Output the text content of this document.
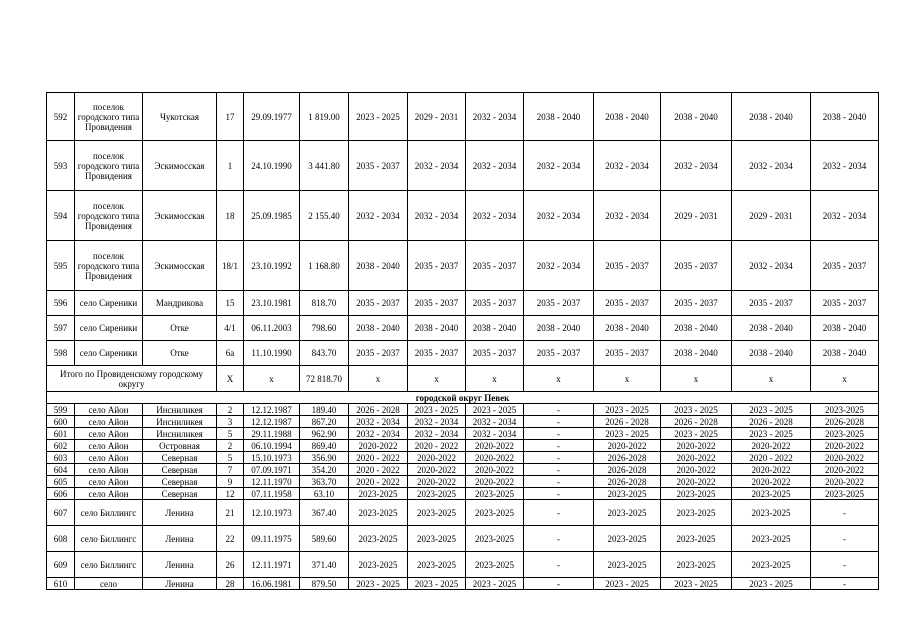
592	поселок городского типа Провидения	Чукотская	17	29.09.1977	1 819.00	2023 - 2025	2029 - 2031	2032 - 2034	2038 - 2040	2038 - 2040	2038 - 2040	2038 - 2040	2038 - 2040
593	поселок городского типа Провидения	Эскимосская	1	24.10.1990	3 441.80	2035 - 2037	2032 - 2034	2032 - 2034	2032 - 2034	2032 - 2034	2032 - 2034	2032 - 2034	2032 - 2034
594	поселок городского типа Провидения	Эскимосская	18	25.09.1985	2 155.40	2032 - 2034	2032 - 2034	2032 - 2034	2032 - 2034	2032 - 2034	2029 - 2031	2029 - 2031	2032 - 2034
595	поселок городского типа Провидения	Эскимосская	18/1	23.10.1992	1 168.80	2038 - 2040	2035 - 2037	2035 - 2037	2032 - 2034	2035 - 2037	2035 - 2037	2032 - 2034	2035 - 2037
596	село Сиреники	Мандрикова	15	23.10.1981	818.70	2035 - 2037	2035 - 2037	2035 - 2037	2035 - 2037	2035 - 2037	2035 - 2037	2035 - 2037	2035 - 2037
597	село Сиреники	Отке	4/1	06.11.2003	798.60	2038 - 2040	2038 - 2040	2038 - 2040	2038 - 2040	2038 - 2040	2038 - 2040	2038 - 2040	2038 - 2040
598	село Сиреники	Отке	6а	11.10.1990	843.70	2035 - 2037	2035 - 2037	2035 - 2037	2035 - 2037	2035 - 2037	2038 - 2040	2038 - 2040	2038 - 2040
Итого по Провиденскому городскому округу			X	x	72 818.70	x	x	x	x	x	x	x	x
городской округ Певек													
599	село Айон	Инсниликея	2	12.12.1987	189.40	2026 - 2028	2023 - 2025	2023 - 2025	-	2023 - 2025	2023 - 2025	2023 - 2025	2023-2025
600	село Айон	Инсниликея	3	12.12.1987	867.20	2032 - 2034	2032 - 2034	2032 - 2034	-	2026 - 2028	2026 - 2028	2026 - 2028	2026-2028
601	село Айон	Инсниликея	5	29.11.1988	962.90	2032 - 2034	2032 - 2034	2032 - 2034	-	2023 - 2025	2023 - 2025	2023 - 2025	2023-2025
602	село Айон	Островная	2	06.10.1994	869.40	2020-2022	2020 - 2022	2020-2022	-	2020-2022	2020-2022	2020-2022	2020-2022
603	село Айон	Северная	5	15.10.1973	356.90	2020 - 2022	2020-2022	2020-2022	-	2026-2028	2020-2022	2020 - 2022	2020-2022
604	село Айон	Северная	7	07.09.1971	354.20	2020 - 2022	2020-2022	2020-2022	-	2026-2028	2020-2022	2020-2022	2020-2022
605	село Айон	Северная	9	12.11.1970	363.70	2020 - 2022	2020-2022	2020-2022	-	2026-2028	2020-2022	2020-2022	2020-2022
606	село Айон	Северная	12	07.11.1958	63.10	2023-2025	2023-2025	2023-2025	-	2023-2025	2023-2025	2023-2025	2023-2025
607	село Биллингс	Ленина	21	12.10.1973	367.40	2023-2025	2023-2025	2023-2025	-	2023-2025	2023-2025	2023-2025	-
608	село Биллингс	Ленина	22	09.11.1975	589.60	2023-2025	2023-2025	2023-2025	-	2023-2025	2023-2025	2023-2025	-
609	село Биллингс	Ленина	26	12.11.1971	371.40	2023-2025	2023-2025	2023-2025	-	2023-2025	2023-2025	2023-2025	-
610	село	Ленина	28	16.06.1981	879.50	2023 - 2025	2023 - 2025	2023 - 2025	-	2023 - 2025	2023 - 2025	2023 - 2025	-
